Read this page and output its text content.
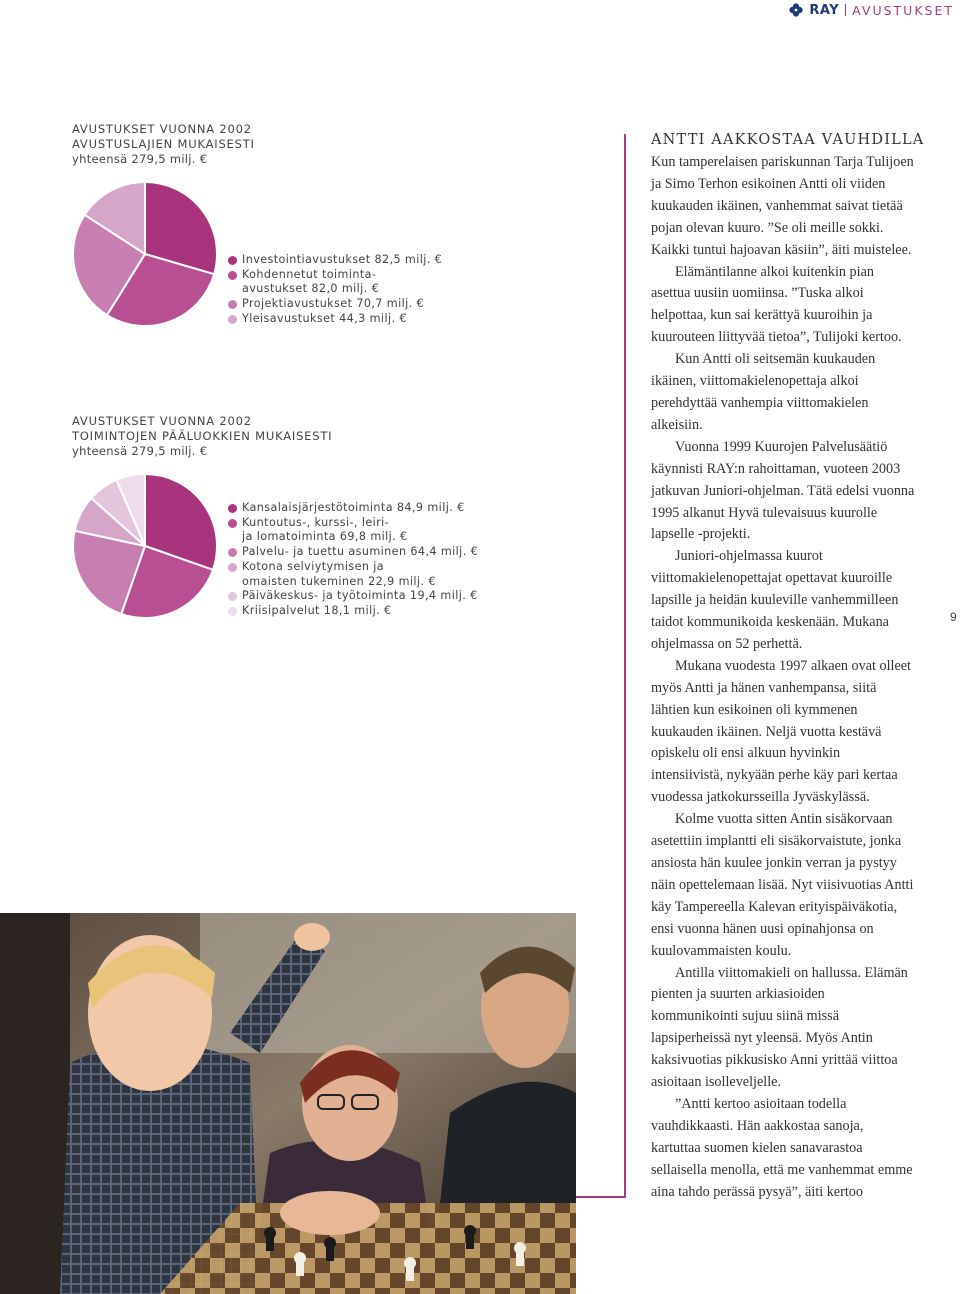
RAY AVUSTUKSET
AVUSTUKSET VUONNA 2002
AVUSTUSLAJIEN MUKAISESTI
yhteensä 279,5 milj. €
Investointiavustukset 82,5 milj. €
Kohdennetut toiminta-
avustukset 82,0 milj. €
Projektiavustukset 70,7 milj. €
Yleisavustukset 44,3 milj. €
AVUSTUKSET VUONNA 2002
TOIMINTOJEN PÄÄLUOKKIEN MUKAISESTI
yhteensä 279,5 milj. €
Kansalaisjärjestötoiminta 84,9 milj. €
Kuntoutus-, kurssi-, leiri-
ja lomatoiminta 69,8 milj. €
Palvelu- ja tuettu asuminen 64,4 milj. €
Kotona selviytymisen ja
omaisten tukeminen 22,9 milj. €
Päiväkeskus- ja työtoiminta 19,4 milj. €
Kriisipalvelut 18,1 milj. €
ANTTI AAKKOSTAA VAUHDILLA

Kun tamperelaisen pariskunnan Tarja Tulijoen ja Simo Terhon esikoinen Antti oli viiden kuukauden ikäinen, vanhemmat saivat tietää pojan olevan kuuro. ”Se oli meille sokki. Kaikki tuntui hajoavan käsiin”, äiti muistelee.

Elämäntilanne alkoi kuitenkin pian asettua uusiin uomiinsa. ”Tuska alkoi helpottaa, kun sai kerättyä kuuroihin ja kuurouteen liittyvää tietoa”, Tulijoki kertoo.

Kun Antti oli seitsemän kuukauden ikäinen, viittomakielenopettaja alkoi perehdyttää vanhempia viittomakielen alkeisiin.

Vuonna 1999 Kuurojen Palvelusäätiö käynnisti RAY:n rahoittaman, vuoteen 2003 jatkuvan Juniori-ohjelman. Tätä edelsi vuonna 1995 alkanut Hyvä tulevaisuus kuurolle lapselle -projekti.

Juniori-ohjelmassa kuurot viittomakielenopettajat opettavat kuuroille lapsille ja heidän kuuleville vanhemmilleen taidot kommunikoida keskenään. Mukana ohjelmassa on 52 perhettä.

Mukana vuodesta 1997 alkaen ovat olleet myös Antti ja hänen vanhempansa, siitä lähtien kun esikoinen oli kymmenen kuukauden ikäinen. Neljä vuotta kestävä opiskelu oli ensi alkuun hyvinkin intensiivistä, nykyään perhe käy pari kertaa vuodessa jatkokursseilla Jyväskylässä.

Kolme vuotta sitten Antin sisäkorvaan asetettiin implantti eli sisäkorvaistute, jonka ansiosta hän kuulee jonkin verran ja pystyy näin opettelemaan lisää. Nyt viisivuotias Antti käy Tampereella Kalevan erityispäiväkotia, ensi vuonna hänen uusi opinahjonsa on kuulovammaisten koulu.

Antilla viittomakieli on hallussa. Elämän pienten ja suurten arkiasioiden kommunikointi sujuu siinä missä lapsiperheissä nyt yleensä. Myös Antin kaksivuotias pikkusisko Anni yrittää viittoa asioitaan isolleveljelle.

”Antti kertoo asioitaan todella vauhdikkaasti. Hän aakkostaa sanoja, kartuttaa suomen kielen sanavarastoa sellaisella menolla, että me vanhemmat emme aina tahdo perässä pysyä”, äiti kertoo

9
